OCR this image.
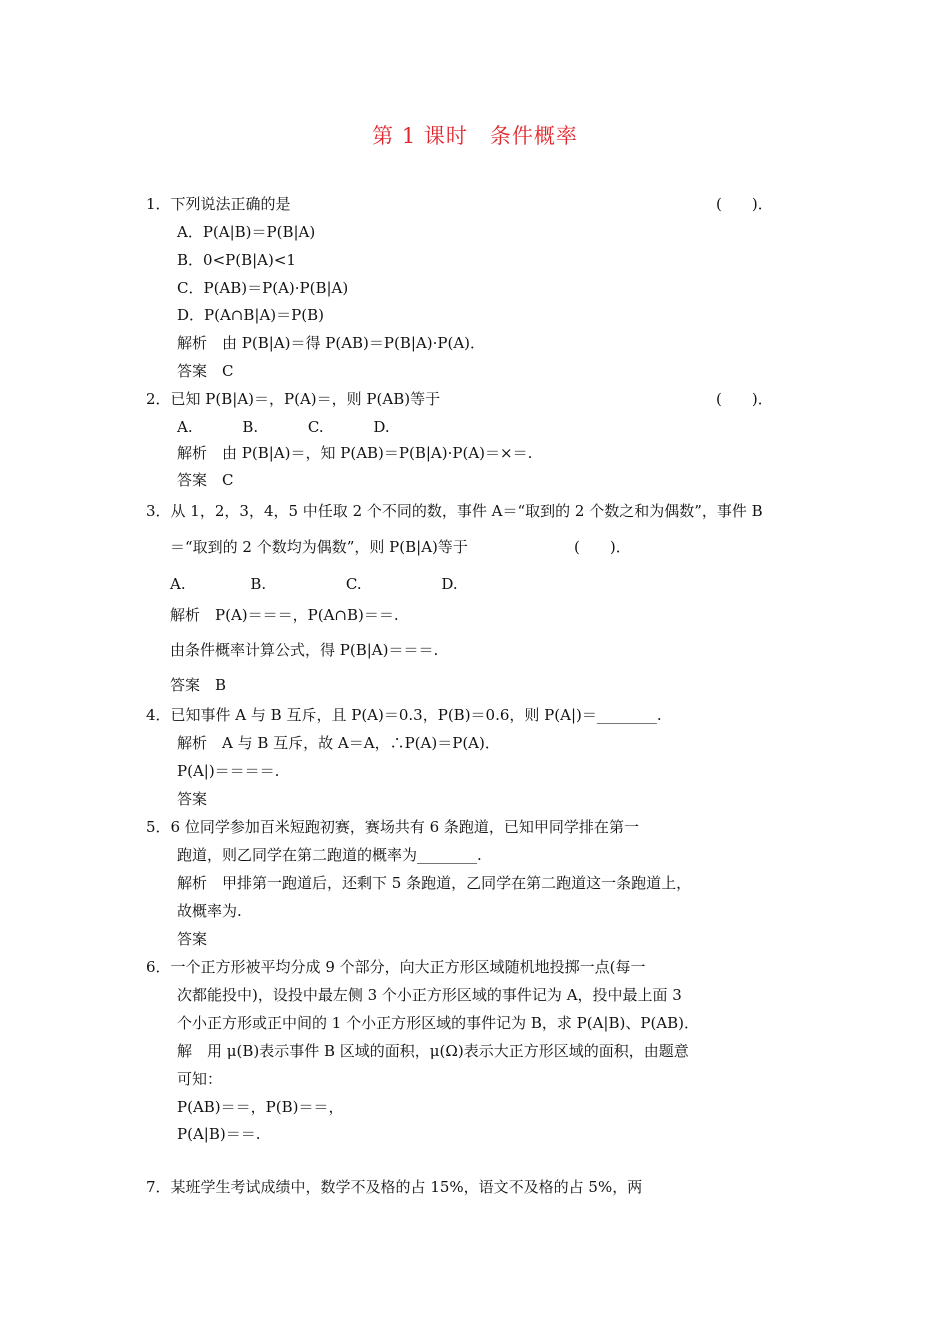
第 1 课时　条件概率
1．下列说法正确的是	(　　)．
A．P(A|B)＝P(B|A)
B．0<P(B|A)<1
C．P(AB)＝P(A)·P(B|A)
D．P(A∩B|A)＝P(B)
解析　由 P(B|A)＝得 P(AB)＝P(B|A)·P(A)．
答案　C
2．已知 P(B|A)＝，P(A)＝，则 P(AB)等于	(　　)．
A.　　　 B.　　　 C.　　　 D.
解析　由 P(B|A)＝，知 P(AB)＝P(B|A)·P(A)＝×＝.
答案　C
3．从 1，2，3，4，5 中任取 2 个不同的数，事件 A＝“取到的 2 个数之和为偶数”，事件 B
＝“取到的 2 个数均为偶数”，则 P(B|A)等于	(　　)．
A.　　　　 B.　　　　　 C.　　　　　 D.
解析　P(A)＝＝＝，P(A∩B)＝＝.
由条件概率计算公式，得 P(B|A)＝＝＝.
答案　B
4．已知事件 A 与 B 互斥，且 P(A)＝0.3，P(B)＝0.6，则 P(A|)＝________.
解析　A 与 B 互斥，故 A＝A，∴P(A)＝P(A)．
P(A|)＝＝＝＝.
答案
5．6 位同学参加百米短跑初赛，赛场共有 6 条跑道，已知甲同学排在第一
跑道，则乙同学在第二跑道的概率为________.
解析　甲排第一跑道后，还剩下 5 条跑道，乙同学在第二跑道这一条跑道上，
故概率为.
答案
6．一个正方形被平均分成 9 个部分，向大正方形区域随机地投掷一点(每一
次都能投中)，设投中最左侧 3 个小正方形区域的事件记为 A，投中最上面 3
个小正方形或正中间的 1 个小正方形区域的事件记为 B，求 P(A|B)、P(AB)．
解　用 μ(B)表示事件 B 区域的面积，μ(Ω)表示大正方形区域的面积，由题意
可知：
P(AB)＝＝，P(B)＝＝，
P(A|B)＝＝.
7．某班学生考试成绩中，数学不及格的占 15%，语文不及格的占 5%，两
